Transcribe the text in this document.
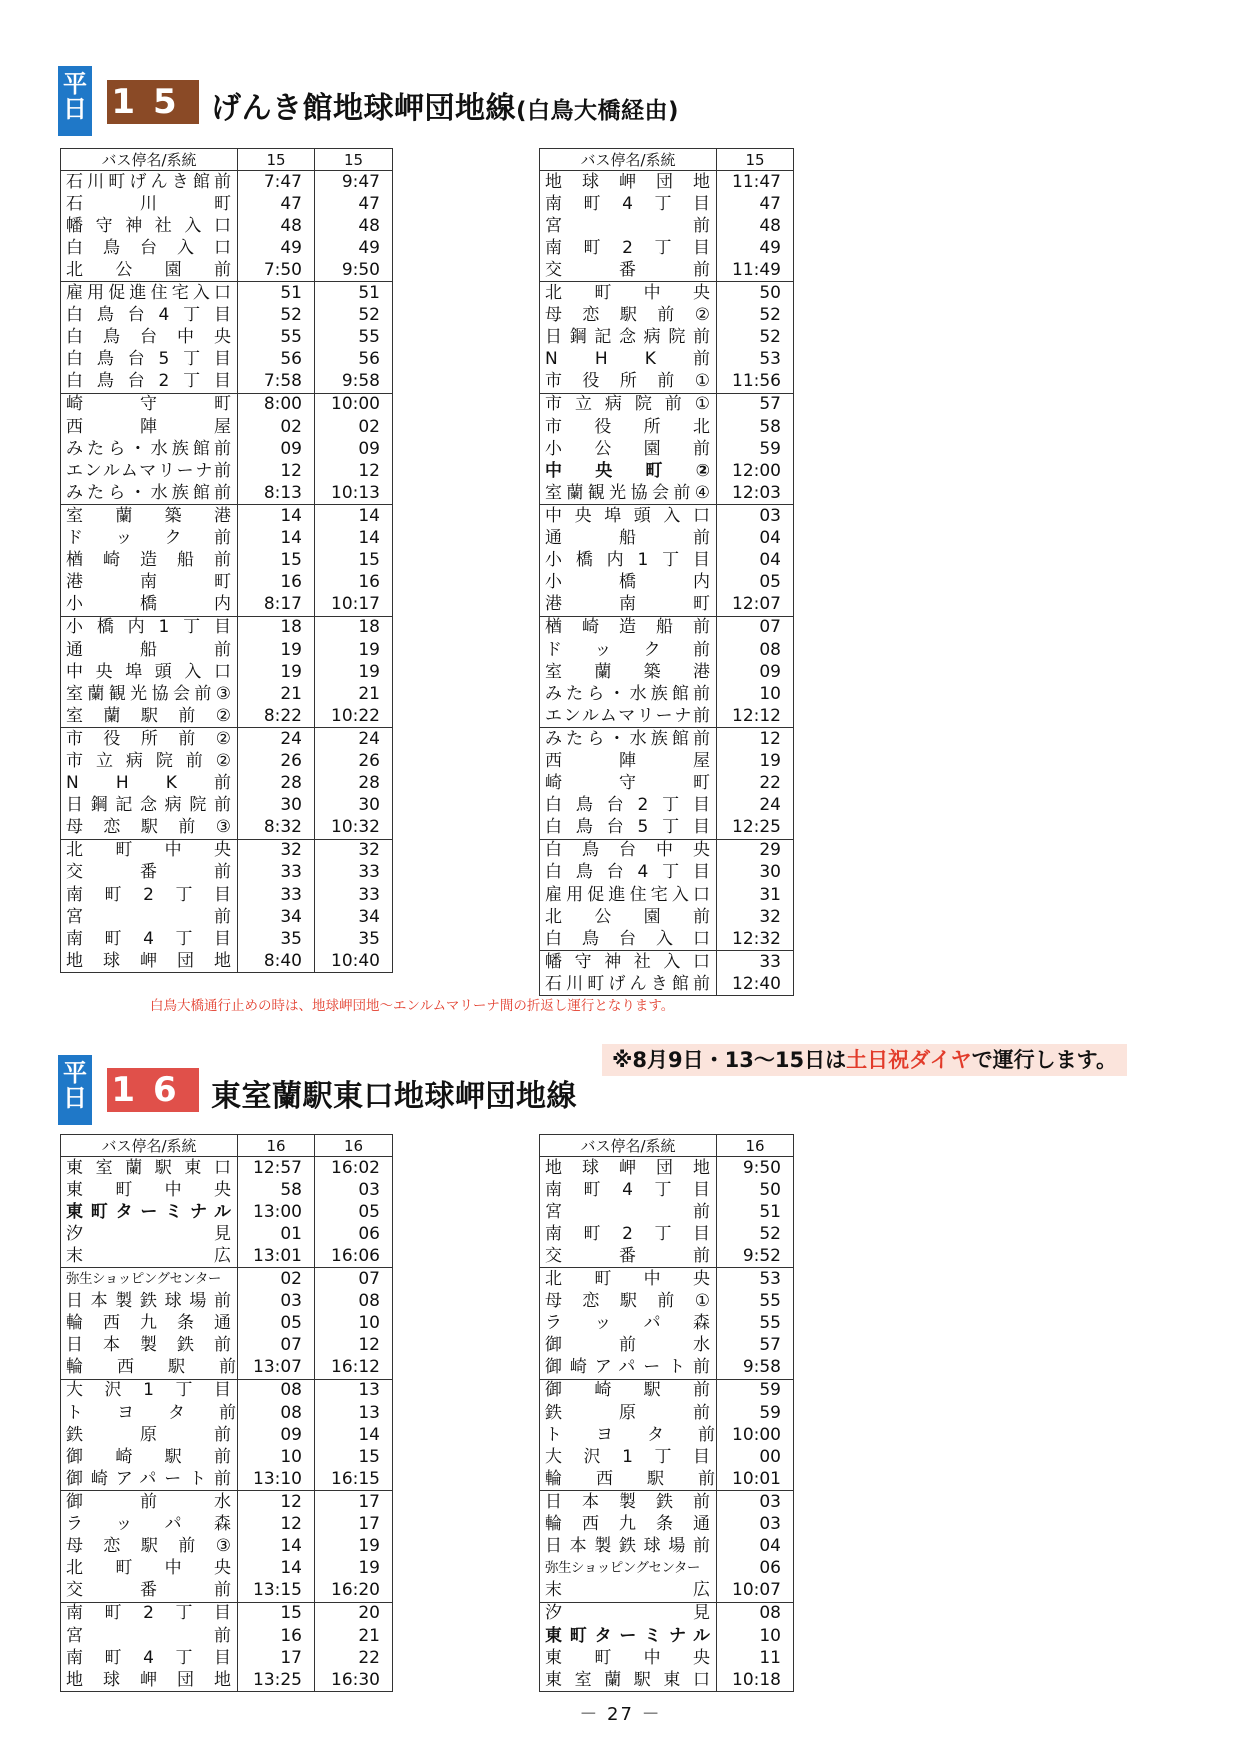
平
日 15 げんき館地球岬団地線(白鳥大橋経由)
バス停名/系統	15	15
石川町げんき館前	7:47	9:47
石　　川　　町	47	47
幡守神社入口	48	48
白鳥台入口	49	49
北　公　園　前	7:50	9:50
雇用促進住宅入口	51	51
白鳥台4丁目	52	52
白鳥台中央	55	55
白鳥台5丁目	56	56
白鳥台2丁目	7:58	9:58
崎　　守　　町	8:00	10:00
西　　陣　　屋	02	02
みたら・水族館前	09	09
エンルムマリーナ前	12	12
みたら・水族館前	8:13	10:13
室　蘭　築　港	14	14
ド　ッ　ク　前	14	14
楢崎造船前	15	15
港　　南　　町	16	16
小　　橋　　内	8:17	10:17
小橋内1丁目	18	18
通　　船　　前	19	19
中央埠頭入口	19	19
室蘭観光協会前③	21	21
室　蘭　駅　前　②	8:22	10:22
市　役　所　前　②	24	24
市立病院前②	26	26
N　　H　　K　　前	28	28
日鋼記念病院前	30	30
母　恋　駅　前　③	8:32	10:32
北　町　中　央	32	32
交　　番　　前	33	33
南　町　2　丁　目	33	33
宮　　　　　前	34	34
南　町　4　丁　目	35	35
地　球　岬　団　地	8:40	10:40
バス停名/系統	15
地　球　岬　団　地	11:47
南　町　4　丁　目	47
宮　　　　　前	48
南　町　2　丁　目	49
交　　番　　前	11:49
北　町　中　央	50
母　恋　駅　前　②	52
日鋼記念病院前	52
N　　H　　K　　前	53
市　役　所　前　①	11:56
市立病院前①	57
市　役　所　北	58
小　公　園　前	59
中　央　町　②	12:00
室蘭観光協会前④	12:03
中央埠頭入口	03
通　　船　　前	04
小橋内1丁目	04
小　　橋　　内	05
港　　南　　町	12:07
楢崎造船前	07
ド　ッ　ク　前	08
室　蘭　築　港	09
みたら・水族館前	10
エンルムマリーナ前	12:12
みたら・水族館前	12
西　　陣　　屋	19
崎　　守　　町	22
白鳥台2丁目	24
白鳥台5丁目	12:25
白鳥台中央	29
白鳥台4丁目	30
雇用促進住宅入口	31
北　公　園　前	32
白鳥台入口	12:32
幡守神社入口	33
石川町げんき館前	12:40
白鳥大橋通行止めの時は、地球岬団地～エンルムマリーナ間の折返し運行となります。
※8月9日・13～15日は土日祝ダイヤで運行します。
平
日 16 東室蘭駅東口地球岬団地線
バス停名/系統	16	16
東室蘭駅東口	12:57	16:02
東　町　中　央	58	03
東町ターミナル	13:00	05
汐　　　　　見	01	06
末　　　　　広	13:01	16:06
弥生ショッピングセンター	02	07
日本製鉄球場前	03	08
輪西九条通	05	10
日　本　製　鉄　前	07	12
輪　　西　　駅　　前	13:07	16:12
大　沢　1　丁　目	08	13
ト　　ヨ　　タ　　前	08	13
鉄　　原　　前	09	14
御　崎　駅　前	10	15
御崎アパート前	13:10	16:15
御　　前　　水	12	17
ラ　ッ　パ　森	12	17
母　恋　駅　前　③	14	19
北　町　中　央	14	19
交　　番　　前	13:15	16:20
南　町　2　丁　目	15	20
宮　　　　　前	16	21
南　町　4　丁　目	17	22
地　球　岬　団　地	13:25	16:30
バス停名/系統	16
地　球　岬　団　地	9:50
南　町　4　丁　目	50
宮　　　　　前	51
南　町　2　丁　目	52
交　　番　　前	9:52
北　町　中　央	53
母　恋　駅　前　①	55
ラ　ッ　パ　森	55
御　　前　　水	57
御崎アパート前	9:58
御　崎　駅　前	59
鉄　　原　　前	59
ト　　ヨ　　タ　　前	10:00
大　沢　1　丁　目	00
輪　　西　　駅　　前	10:01
日　本　製　鉄　前	03
輪西九条通	03
日本製鉄球場前	04
弥生ショッピングセンター	06
末　　　　　広	10:07
汐　　　　　見	08
東町ターミナル	10
東　町　中　央	11
東室蘭駅東口	10:18
－ 27 －
